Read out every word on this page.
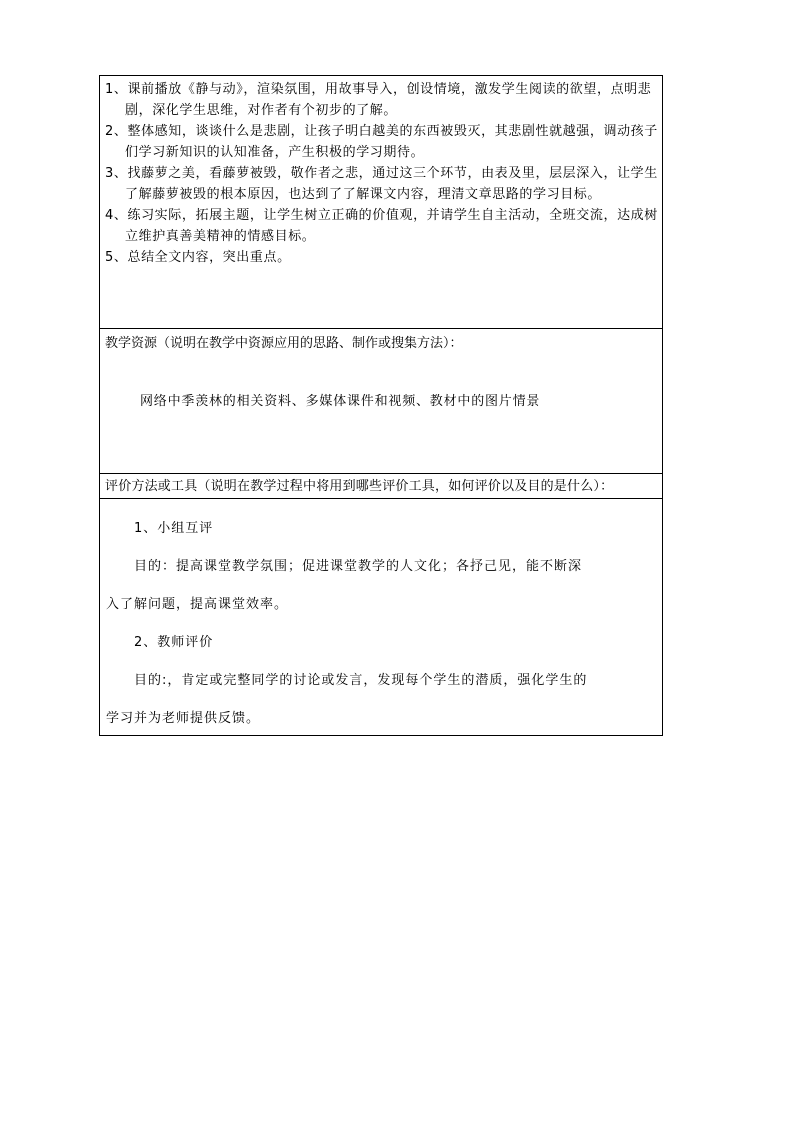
1、课前播放《静与动》，渲染氛围，用故事导入，创设情境，激发学生阅读的欲望，点明悲剧，深化学生思维，对作者有个初步的了解。

2、整体感知，谈谈什么是悲剧，让孩子明白越美的东西被毁灭，其悲剧性就越强，调动孩子们学习新知识的认知准备，产生积极的学习期待。

3、找藤萝之美，看藤萝被毁，敬作者之悲，通过这三个环节，由表及里，层层深入，让学生了解藤萝被毁的根本原因，也达到了了解课文内容，理清文章思路的学习目标。

4、练习实际，拓展主题，让学生树立正确的价值观，并请学生自主活动，全班交流，达成树立维护真善美精神的情感目标。

5、总结全文内容，突出重点。

教学资源（说明在教学中资源应用的思路、制作或搜集方法）：
网络中季羡林的相关资料、多媒体课件和视频、教材中的图片情景
评价方法或工具（说明在教学过程中将用到哪些评价工具，如何评价以及目的是什么）：

1、小组互评

目的：提高课堂教学氛围；促进课堂教学的人文化；各抒己见，能不断深

入了解问题，提高课堂效率。

2、教师评价

目的:，肯定或完整同学的讨论或发言，发现每个学生的潜质，强化学生的

学习并为老师提供反馈。
